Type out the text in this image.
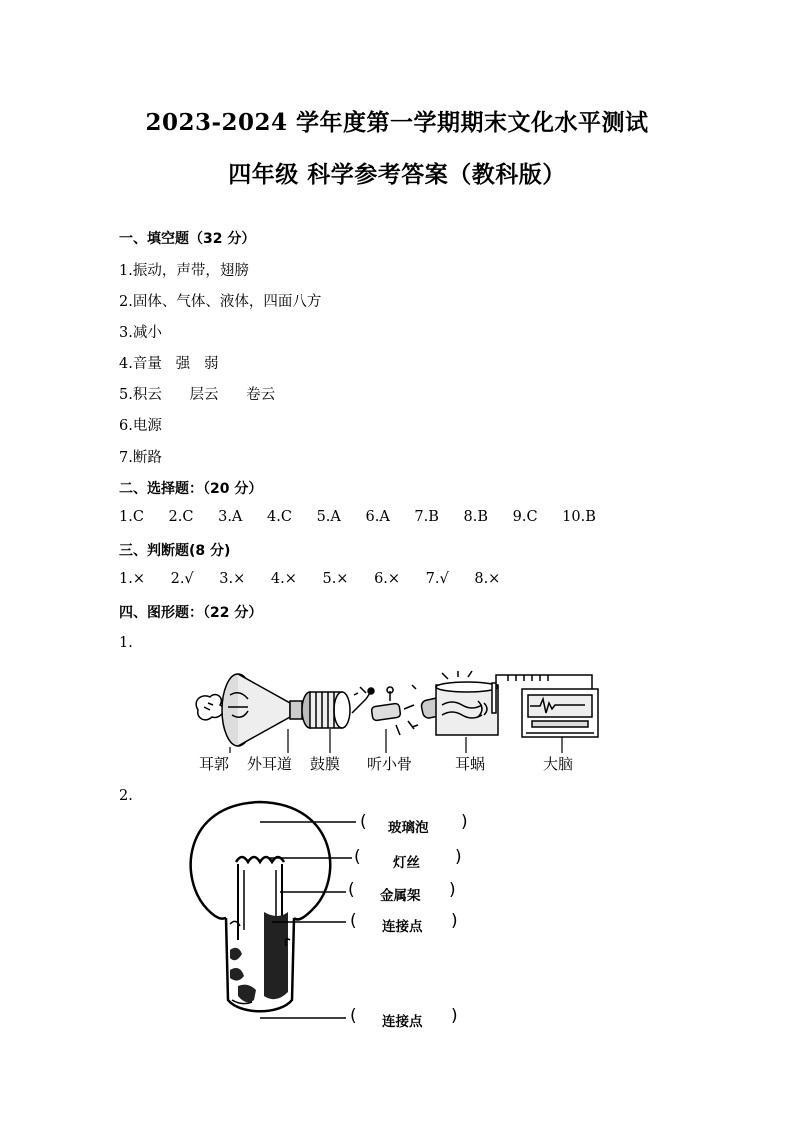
2023-2024 学年度第一学期期末文化水平测试
四年级 科学参考答案（教科版）
一、填空题（32 分）
1.振动，声带，翅膀
2.固体、气体、液体，四面八方
3.减小
4.音量   强   弱
5.积云      层云      卷云
6.电源
7.断路
二、选择题：（20 分）
1.C 2.C 3.A 4.C 5.A 6.A 7.B 8.B 9.C 10.B
三、判断题(8 分)
1.× 2.√ 3.× 4.× 5.× 6.× 7.√ 8.×
四、图形题：（22 分）
1.
耳郭 外耳道 鼓膜 听小骨	耳蜗	大脑
2.
( 玻璃泡 )
( 灯丝 )
( 金属架 )
( 连接点 )
( 连接点 )
